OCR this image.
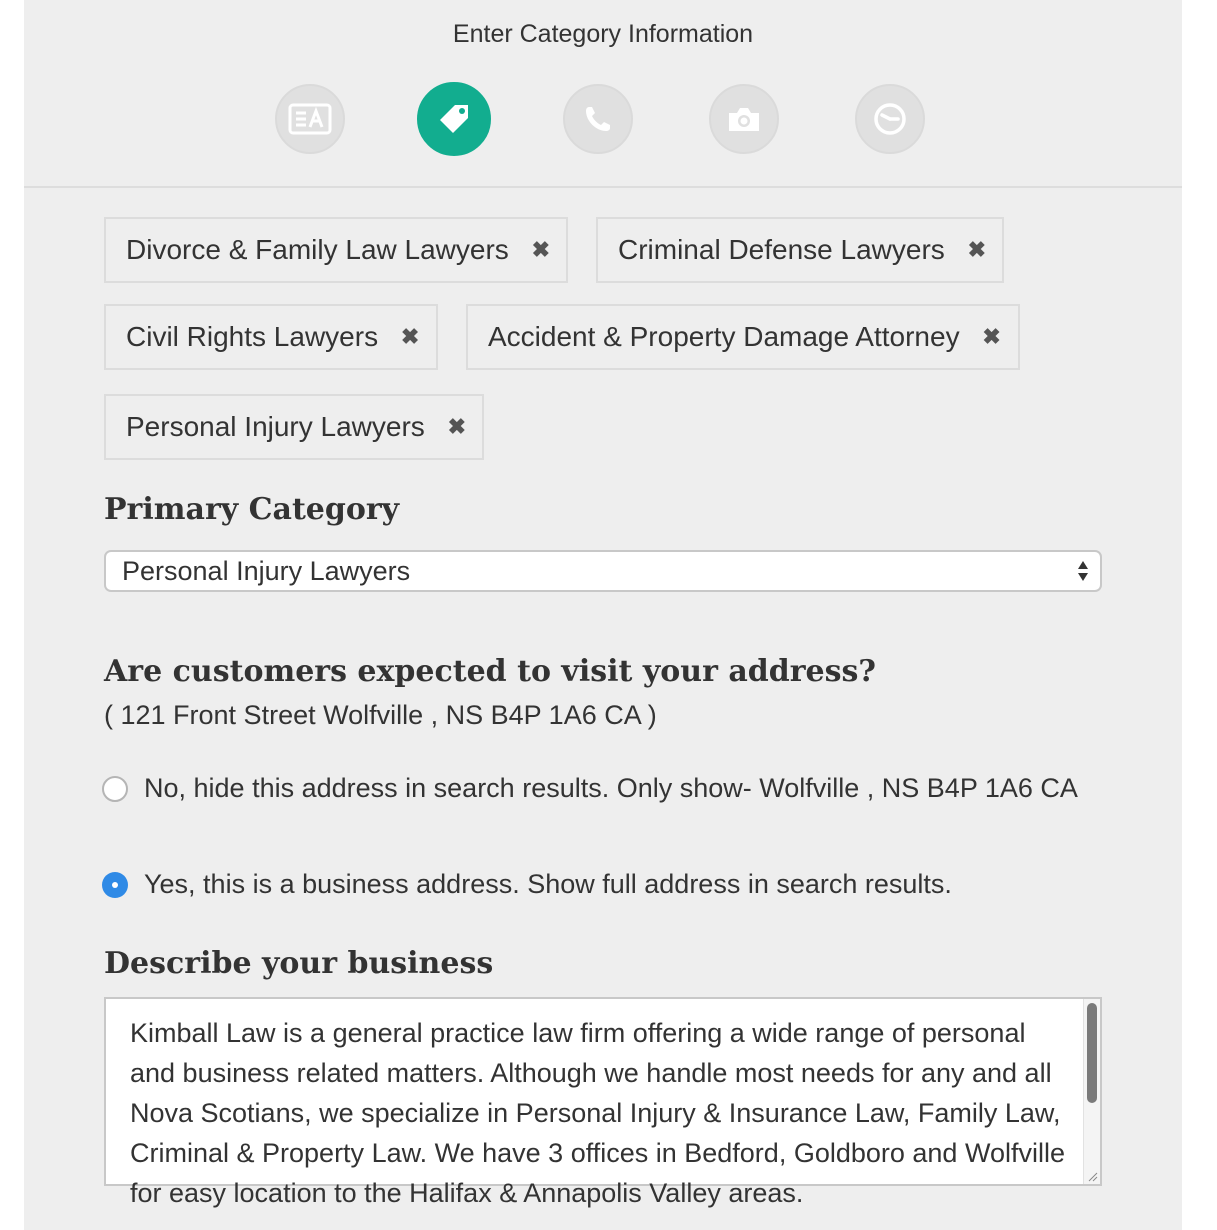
Enter Category Information
Divorce & Family Law Lawyers ✖ Criminal Defense Lawyers ✖
Civil Rights Lawyers ✖ Accident & Property Damage Attorney ✖
Personal Injury Lawyers ✖
Primary Category
Personal Injury Lawyers
Are customers expected to visit your address?
( 121 Front Street Wolfville , NS B4P 1A6 CA )
No, hide this address in search results. Only show- Wolfville , NS B4P 1A6 CA
Yes, this is a business address. Show full address in search results.
Describe your business
Kimball Law is a general practice law firm offering a wide range of personal and business related matters. Although we handle most needs for any and all Nova Scotians, we specialize in Personal Injury & Insurance Law, Family Law, Criminal & Property Law. We have 3 offices in Bedford, Goldboro and Wolfville for easy location to the Halifax & Annapolis Valley areas.
